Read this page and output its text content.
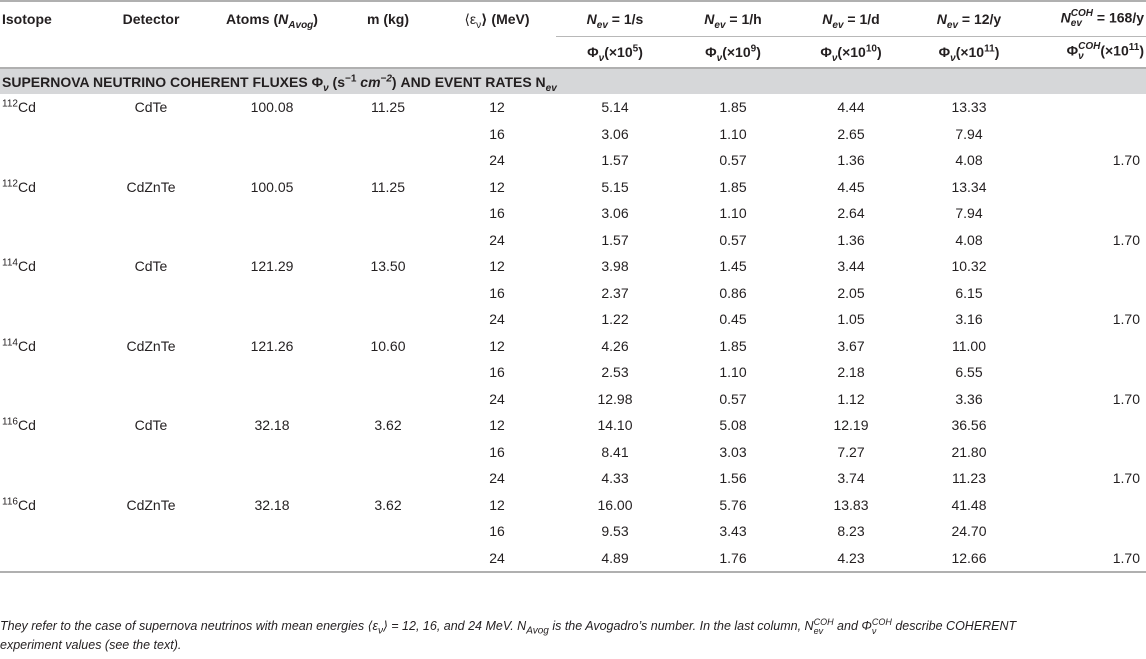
Isotope	Detector	Atoms $(N_{Avog})$	m (kg)	$⟨\varepsilon_\nu⟩$ (MeV)	$N_{ev} = 1/s$	$N_{ev} = 1/h$	$N_{ev} = 1/d$	$N_{ev} = 12/y$	N COH
ev = 168/y
					$\Phi_\nu(\times 10^5)$	$\Phi_\nu(\times 10^9)$	$\Phi_\nu(\times 10^{10})$	$\Phi_\nu(\times 10^{11})$	Φ COH
ν $(\times 10^{11})$
SUPERNOVA NEUTRINO COHERENT FLUXES $\Phi_\nu$ ($s^{-1}$ $cm^{-2}$) AND EVENT RATES $N_{ev}$
$^{112}$Cd	CdTe	100.08	11.25	12	5.14	1.85	4.44	13.33	
				16	3.06	1.10	2.65	7.94	
				24	1.57	0.57	1.36	4.08	1.70
$^{112}$Cd	CdZnTe	100.05	11.25	12	5.15	1.85	4.45	13.34	
				16	3.06	1.10	2.64	7.94	
				24	1.57	0.57	1.36	4.08	1.70
$^{114}$Cd	CdTe	121.29	13.50	12	3.98	1.45	3.44	10.32	
				16	2.37	0.86	2.05	6.15	
				24	1.22	0.45	1.05	3.16	1.70
$^{114}$Cd	CdZnTe	121.26	10.60	12	4.26	1.85	3.67	11.00	
				16	2.53	1.10	2.18	6.55	
				24	12.98	0.57	1.12	3.36	1.70
$^{116}$Cd	CdTe	32.18	3.62	12	14.10	5.08	12.19	36.56	
				16	8.41	3.03	7.27	21.80	
				24	4.33	1.56	3.74	11.23	1.70
$^{116}$Cd	CdZnTe	32.18	3.62	12	16.00	5.76	13.83	41.48	
				16	9.53	3.43	8.23	24.70	
				24	4.89	1.76	4.23	12.66	1.70
They refer to the case of supernova neutrinos with mean energies $⟨\varepsilon_\nu⟩ = 12$, 16, and 24 MeV. $N_{Avog}$ is the Avogadro’s number. In the last column, N COH
ev and Φ COH
ν	describe COHERENT
experiment values (see the text).
